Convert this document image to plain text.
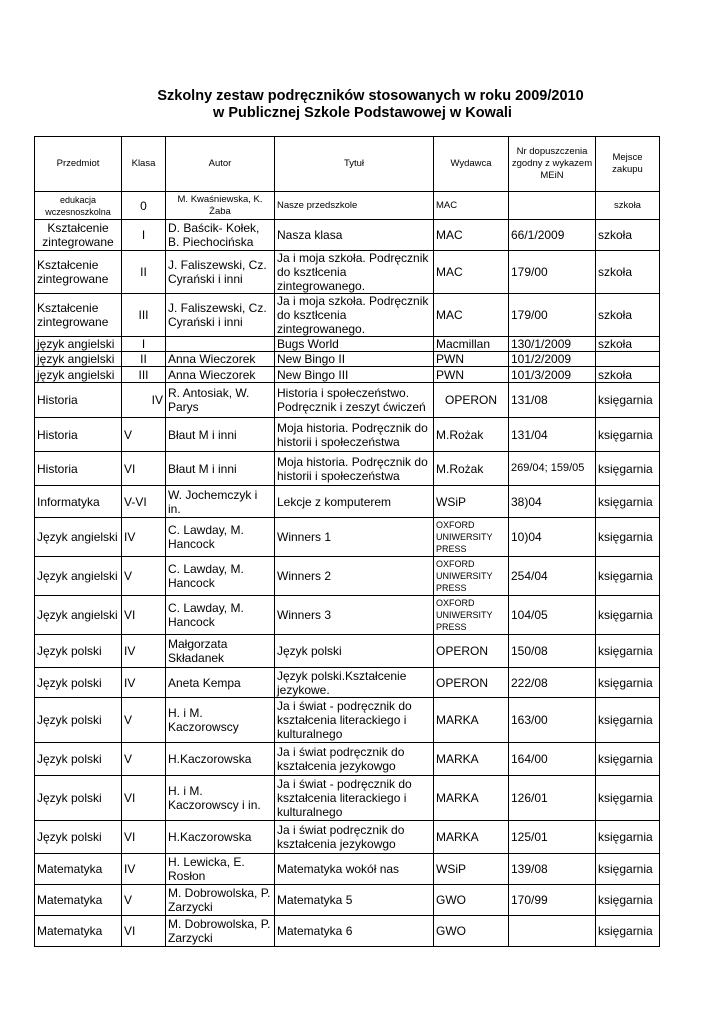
Szkolny zestaw podręczników stosowanych w roku 2009/2010
w Publicznej Szkole Podstawowej w Kowali
Przedmiot	Klasa	Autor	Tytuł	Wydawca	Nr dopuszczenia zgodny z wykazem MEiN	Mejsce zakupu
edukacja wczesnoszkolna	0	M. Kwaśniewska, K. Żaba	Nasze przedszkole	MAC		szkoła
Kształcenie zintegrowane	I	D. Baścik- Kołek, B. Piechocińska	Nasza klasa	MAC	66/1/2009	szkoła
Kształcenie zintegrowane	II	J. Faliszewski, Cz. Cyrański i inni	Ja i moja szkoła. Podręcznik do ksztłcenia zintegrowanego.	MAC	179/00	szkoła
Kształcenie zintegrowane	III	J. Faliszewski, Cz. Cyrański i inni	Ja i moja szkoła. Podręcznik do ksztłcenia zintegrowanego.	MAC	179/00	szkoła
język angielski	I		Bugs World	Macmillan	130/1/2009	szkoła
język angielski	II	Anna Wieczorek	New Bingo II	PWN	101/2/2009	
język angielski	III	Anna Wieczorek	New Bingo III	PWN	101/3/2009	szkoła
Historia	IV	R. Antosiak, W. Parys	Historia i społeczeństwo. Podręcznik i zeszyt ćwiczeń	OPERON	131/08	księgarnia
Historia	V	Błaut M i inni	Moja historia. Podręcznik do historii i społeczeństwa	M.Rożak	131/04	księgarnia
Historia	VI	Błaut M i inni	Moja historia. Podręcznik do historii i społeczeństwa	M.Rożak	269/04; 159/05	księgarnia
Informatyka	V-VI	W. Jochemczyk i in.	Lekcje z komputerem	WSiP	38)04	księgarnia
Język angielski	IV	C. Lawday, M. Hancock	Winners 1	OXFORD UNIWERSITY PRESS	10)04	księgarnia
Język angielski	V	C. Lawday, M. Hancock	Winners 2	OXFORD UNIWERSITY PRESS	254/04	księgarnia
Język angielski	VI	C. Lawday, M. Hancock	Winners 3	OXFORD UNIWERSITY PRESS	104/05	księgarnia
Język polski	IV	Małgorzata Składanek	Język polski	OPERON	150/08	księgarnia
Język polski	IV	Aneta Kempa	Język polski.Kształcenie jezykowe.	OPERON	222/08	księgarnia
Język polski	V	H. i M. Kaczorowscy	Ja i świat - podręcznik do kształcenia literackiego i kulturalnego	MARKA	163/00	księgarnia
Język polski	V	H.Kaczorowska	Ja i świat podręcznik do kształcenia jezykowgo	MARKA	164/00	księgarnia
Język polski	VI	H. i M. Kaczorowscy i in.	Ja i świat - podręcznik do kształcenia literackiego i kulturalnego	MARKA	126/01	księgarnia
Język polski	VI	H.Kaczorowska	Ja i świat podręcznik do kształcenia jezykowgo	MARKA	125/01	księgarnia
Matematyka	IV	H. Lewicka, E. Rosłon	Matematyka wokół nas	WSiP	139/08	księgarnia
Matematyka	V	M. Dobrowolska, P. Zarzycki	Matematyka 5	GWO	170/99	księgarnia
Matematyka	VI	M. Dobrowolska, P. Zarzycki	Matematyka 6	GWO		księgarnia
